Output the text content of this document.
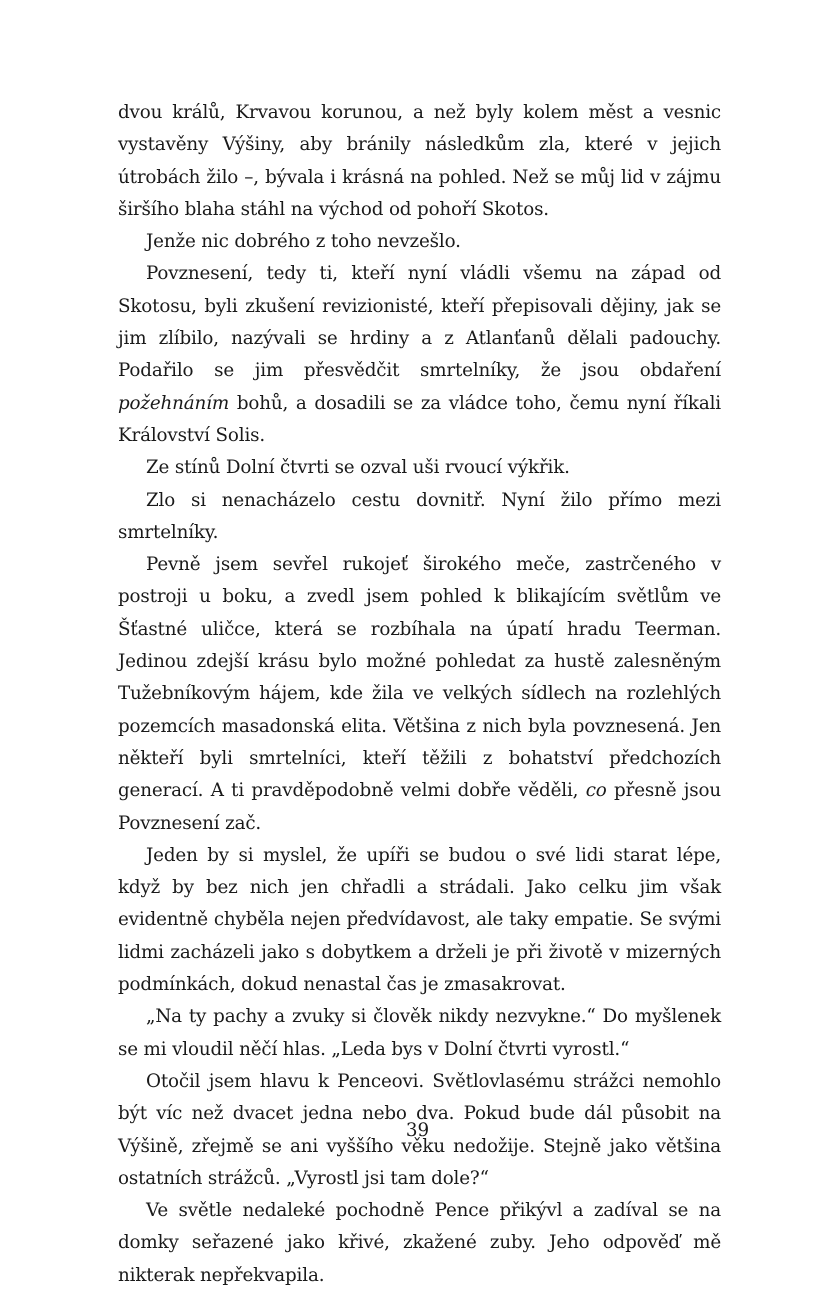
dvou králů, Krvavou korunou, a než byly kolem měst a vesnic vystavěny Výšiny, aby bránily následkům zla, které v jejich útrobách žilo –, bývala i krásná na pohled. Než se můj lid v zájmu širšího blaha stáhl na východ od pohoří Skotos.

Jenže nic dobrého z toho nevzešlo.

Povznesení, tedy ti, kteří nyní vládli všemu na západ od Skotosu, byli zkušení revizionisté, kteří přepisovali dějiny, jak se jim zlíbilo, nazývali se hrdiny a z Atlanťanů dělali padouchy. Podařilo se jim přesvědčit smrtelníky, že jsou obdaření požehnáním bohů, a dosadili se za vládce toho, čemu nyní říkali Království Solis.

Ze stínů Dolní čtvrti se ozval uši rvoucí výkřik.

Zlo si nenacházelo cestu dovnitř. Nyní žilo přímo mezi smrtelníky.

Pevně jsem sevřel rukojeť širokého meče, zastrčeného v postroji u boku, a zvedl jsem pohled k blikajícím světlům ve Šťastné uličce, která se rozbíhala na úpatí hradu Teerman. Jedinou zdejší krásu bylo možné pohledat za hustě zalesněným Tužebníkovým hájem, kde žila ve velkých sídlech na rozlehlých pozemcích masadonská elita. Většina z nich byla povznesená. Jen někteří byli smrtelníci, kteří těžili z bohatství předchozích generací. A ti pravděpodobně velmi dobře věděli, co přesně jsou Povznesení zač.

Jeden by si myslel, že upíři se budou o své lidi starat lépe, když by bez nich jen chřadli a strádali. Jako celku jim však evidentně chyběla nejen předvídavost, ale taky empatie. Se svými lidmi zacházeli jako s dobytkem a drželi je při životě v mizerných podmínkách, dokud nenastal čas je zmasakrovat.

„Na ty pachy a zvuky si člověk nikdy nezvykne.“ Do myšlenek se mi vloudil něčí hlas. „Leda bys v Dolní čtvrti vyrostl.“

Otočil jsem hlavu k Penceovi. Světlovlasému strážci nemohlo být víc než dvacet jedna nebo dva. Pokud bude dál působit na Výšině, zřejmě se ani vyššího věku nedožije. Stejně jako většina ostatních strážců. „Vyrostl jsi tam dole?“

Ve světle nedaleké pochodně Pence přikývl a zadíval se na domky seřazené jako křivé, zkažené zuby. Jeho odpověď mě nikterak nepřekvapila.

39
